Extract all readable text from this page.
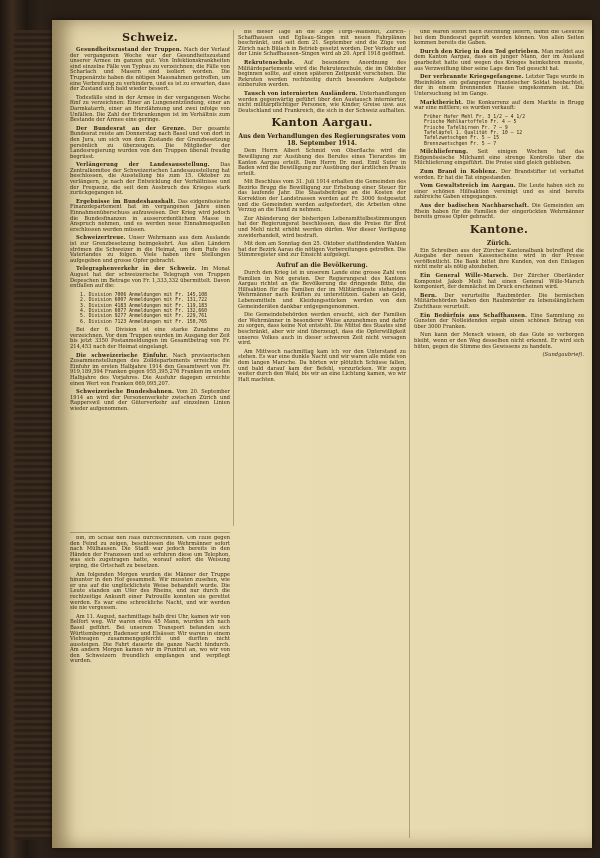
Schweiz.

Gesundheitszustand der Truppen. Nach der Verlauf der vergangenen Woche war der Gesundheitszustand unserer Armee im ganzen gut. Von Infektionskrankheiten sind einzelne Fälle von Typhus zu verzeichnen; die Fälle von Scharlach und Masern sind isoliert worden. Die Truppenärzte haben die nötigen Massnahmen getroffen, um eine Verbreitung zu verhindern, und es ist zu erwarten, dass der Zustand sich bald wieder bessert.

Todesfälle sind in der Armee in der vergangenen Woche fünf zu verzeichnen: Einer an Lungenentzündung, einer an Darmkatarrh, einer an Herzlähmung und zwei infolge von Unfällen. Die Zahl der Erkrankungen ist im Verhältnis zum Bestande der Armee eine geringe.

Der Bundesrat an der Grenze. Der gesamte Bundesrat reiste am Donnerstag nach Basel und von dort in den Jura, um sich von dem Zustande der Grenzbesetzung persönlich zu überzeugen. Die Mitglieder der Landesregierung wurden von den Truppen überall freudig begrüsst.

Verlängerung der Landesausstellung. Das Zentralkomitee der Schweizerischen Landesausstellung hat beschlossen, die Ausstellung bis zum 15. Oktober zu verlängern, je nach der Entwicklung der Verhältnisse und der Frequenz, die seit dem Ausbruch des Krieges stark zurückgegangen ist.

Ergebnisse im Bundeshaushalt. Das eidgenössische Finanzdepartement hat im vergangenen Jahre einen Einnahmenüberschuss aufzuweisen. Der Krieg wird jedoch die Bundesfinanzen in ausserordentlichem Masse in Anspruch nehmen, und es werden neue Einnahmequellen erschlossen werden müssen.

Schweizertreue. Unser Wehrmann aus dem Auslande ist zur Grenzbesetzung heimgekehrt. Aus allen Ländern strömen die Schweizer in die Heimat, um dem Rufe des Vaterlandes zu folgen. Viele haben ihre Stellungen aufgegeben und grosse Opfer gebracht.

Telegraphenverkehr in der Schweiz. Im Monat August hat der schweizerische Telegraph von Truppen Depeschen im Betrage von Fr. 1,333,332 übermittelt. Davon entfallen auf die:

1. Division 7006 Anmeldungen mit Fr. 145,108
2. Division 6007 Anmeldungen mit Fr. 131,722
3. Division 4183 Anmeldungen mit Fr. 119,183
4. Division 6077 Anmeldungen mit Fr. 132,660
5. Division 9277 Anmeldungen mit Fr. 229,761
6. Division 7123 Anmeldungen mit Fr. 150,765

Bei der 6. Division ist eine starke Zunahme zu verzeichnen. Vor dem Truppen wurden im Ausgang der Zeit bis jetzt 3350 Postanmeldungen im Gesamtbetrag von Fr. 214,453 nach der Heimat eingelangt.

Die schweizerische Einfuhr. Nach provisorischen Zusammenstellungen des Zolldepartements erreichte die Einfuhr im ersten Halbjahre 1914 den Gesamtwert von Fr. 919,189,594 Franken gegen 955,395,276 Franken im ersten Halbjahre des Vorjahres. Die Ausfuhr dagegen erreichte einen Wert von Franken 669,095,207.

Schweizerische Bundesbahnen. Vom 20. September 1914 an wird der Personenverkehr zwischen Zürich und Rapperswil und der Güterverkehr auf einzelnen Linien wieder aufgenommen.

bin, im Schlaf den Hals durchschnitten. Um Hilfe gegen den Feind zu zeigen, beschlossen die Wehrmänner sofort nach Mülhausen. Die Stadt war jedoch bereits in den Händen der Franzosen und so erfuhren diese um Telephon, was sich zugetragen hatte, worauf sofort die Weisung erging, die Ortschaft zu besetzen.

Am folgenden Morgen wurden die Männer der Truppe hinunter in den Hof gesammelt. Wir mussten zusehen, wie er uns auf die unglücklichste Weise behandelt wurde. Die Leute standen am Ufer des Rheins, und nur durch die rechtzeitige Ankunft einer Patrouille konnten sie gerettet werden. Es war eine schreckliche Nacht, und wir werden sie nie vergessen.

Am 11. August, nachmittags halb drei Uhr, kamen wir von Belfort weg. Wir waren etwa 45 Mann, wurden ich nach Basel geführt. Bei unserem Transport befanden sich Württemberger, Badenser und Elsässer. Wir waren in einem Viehwagen zusammengepfercht und durften nicht aussteigen. Die Fahrt dauerte die ganze Nacht hindurch. Am andern Morgen kamen wir in Pruntrut an, wo wir von den Schweizern freundlich empfangen und verpflegt wurden.

bis dieser Tage an die Zöge Turgi–Waldshut, Zürich–Schaffhausen und Eglisau–Singen mit neuen Fahrplänen beschränkt, und seit dem 21. September sind die Züge von Zürich nach Bülach in Betrieb gesetzt worden. Der Verkehr auf der Linie Schaffhausen–Singen wird ab 20. April 1918 geöffnet.

Rekrutenschule. Auf besondere Anordnung des Militärdepartements wird die Rekrutenschule, die im Oktober beginnen sollte, auf einen späteren Zeitpunkt verschoben. Die Rekruten werden rechtzeitig durch besondere Aufgebote einberufen werden.

Tausch von internierten Ausländern. Unterhandlungen werden gegenwärtig geführt über den Austausch internierter, nicht militärpflichtiger Personen, wie Kinder, Greise usw. aus Deutschland und Frankreich, die sich in der Schweiz aufhalten.

Kanton Aargau.
Aus den Verhandlungen des Regierungsrates vom 18. September 1914.

Dem Herrn Albert Schmid von Oberflachs wird die Bewilligung zur Ausübung des Berufes eines Tierarztes im Kanton Aargau erteilt. Dem Herrn Dr. med. Emil Suter in Baden wird die Bewilligung zur Ausübung der ärztlichen Praxis erteilt.

Mit Beschluss vom 31. Juli 1914 erhalten die Gemeinden des Bezirks Brugg die Bewilligung zur Erhebung einer Steuer für das laufende Jahr. Die Staatsbeiträge an die Kosten der Korrektion der Landstrassen werden auf Fr. 3000 festgesetzt und die Gemeinden werden aufgefordert, die Arbeiten ohne Verzug an die Hand zu nehmen.

Zur Abänderung der bisherigen Lebensmittelbestimmungen hat der Regierungsrat beschlossen, dass die Preise für Brot und Mehl nicht erhöht werden dürfen. Wer dieser Verfügung zuwiderhandelt, wird bestraft.

Mit dem am Sonntag den 25. Oktober stattfindenden Wahlen hat der Bezirk Aarau die nötigen Vorbereitungen getroffen. Die Stimmregister sind zur Einsicht aufgelegt.

Aufruf an die Bevölkerung.

Durch den Krieg ist in unserem Lande eine grosse Zahl von Familien in Not geraten. Der Regierungsrat des Kantons Aargau richtet an die Bevölkerung die dringende Bitte, die Hilfsaktion für die Familien der im Militärdienste stehenden Wehrmänner nach Kräften zu unterstützen. Gaben an Geld, Lebensmitteln und Kleidungsstücken werden von den Gemeinderäten dankbar entgegengenommen.

Die Gemeindebehörden werden ersucht, sich der Familien der Wehrmänner in besonderer Weise anzunehmen und dafür zu sorgen, dass keine Not entsteht. Die Mittel des Staates sind beschränkt, aber wir sind überzeugt, dass die Opferwilligkeit unseres Volkes auch in dieser schweren Zeit nicht versagen wird.

Am Mittwoch nachmittag kam ich vor den Unterstand zu stehen. Es war eine dunkle Nacht und wir waren alle müde von dem langen Marsche. Da hörten wir plötzlich Schüsse fallen, und bald darauf kam der Befehl, vorzurücken. Wir zogen weiter durch den Wald, bis wir an eine Lichtung kamen, wo wir Halt machten.

und Waren sofort nach Rechnung liefern, damit die Gesuche bei dem Bundesrat geprüft werden können. Von allen Seiten kommen bereits die Gaben.

Durch den Krieg in den Tod getrieben. Man meldet aus dem Kanton Aargau, dass ein junger Mann, der im Ausland gearbeitet hatte und wegen des Krieges heimkehren musste, aus Verzweiflung über seine Lage den Tod gesucht hat.

Der verbrannte Kriegsgefangene. Letzter Tage wurde in Rheinfelden ein gefangener französischer Soldat beobachtet, der in einem brennenden Hause umgekommen ist. Die Untersuchung ist im Gange.

Marktbericht. Die Konkurrenz auf dem Markte in Brugg war eine mittlere; es wurden verkauft:

Früher Hafer Mehl Fr. 3 1/2 – 4 1/2
Frische Mehlkartoffeln Fr. 4 – 5
Frische Tafelbirnen Fr. 7 – 9
Tafeläpfel 1. Qualität Fr. 10 – 12
Tafelzwetschgen Fr. 5 – 15
Brennzwetschgen Fr. 5 – 7

Milchlieferung. Seit einigen Wochen hat das Eidgenössische Milchamt eine strenge Kontrolle über die Milchlieferung eingeführt. Die Preise sind gleich geblieben.

Zum Brand in Koblenz. Der Brandstifter ist verhaftet worden. Er hat die Tat eingestanden.

Vom Gewaltstreich im Aargau. Die Leute haben sich zu einer schönen Hilfsaktion vereinigt und es sind bereits zahlreiche Gaben eingegangen.

Aus der badischen Nachbarschaft. Die Gemeinden am Rhein haben für die Familien der eingerückten Wehrmänner bereits grosse Opfer gebracht.

Kantone.
Zürich.

Ein Schreiben aus der Zürcher Kantonalbank betreffend die Ausgabe der neuen Kassenscheine wird in der Presse veröffentlicht. Die Bank bittet ihre Kunden, von den Einlagen nicht mehr als nötig abzuheben.

Ein General Wille-Marsch. Der Zürcher Oberländer Komponist Jakob Meili hat einen General Wille-Marsch komponiert, der demnächst im Druck erscheinen wird.

Bern. Der verurteilte Raubmörder. Die bernischen Militärbehörden haben den Raubmörder zu lebenslänglichem Zuchthaus verurteilt.

Ein Bedürfnis aus Schaffhausen. Eine Sammlung zu Gunsten der Notleidenden ergab einen schönen Betrag von über 3000 Franken.

Nun kann der Mensch wissen, ob das Gute so verborgen bleibt, wenn er den Weg desselben nicht erkennt. Er wird sich hüten, gegen die Stimme des Gewissens zu handeln.

(Sundgaubrief).
